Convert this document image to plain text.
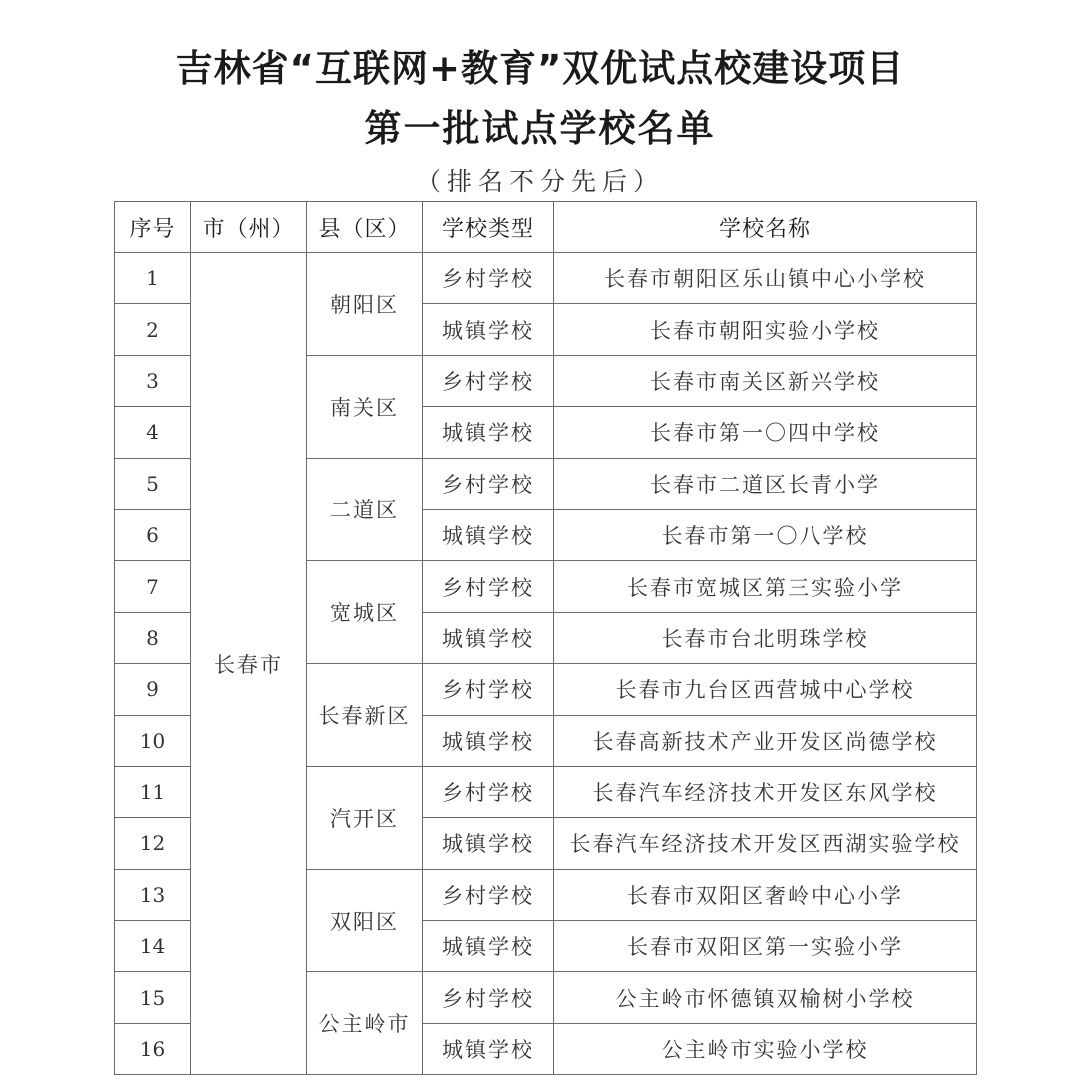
吉林省“互联网+教育”双优试点校建设项目
第一批试点学校名单
（排名不分先后）
序号	市（州）	县（区）	学校类型	学校名称
1	长春市	朝阳区	乡村学校	长春市朝阳区乐山镇中心小学校
2			城镇学校	长春市朝阳实验小学校
3		南关区	乡村学校	长春市南关区新兴学校
4			城镇学校	长春市第一〇四中学校
5		二道区	乡村学校	长春市二道区长青小学
6			城镇学校	长春市第一〇八学校
7		宽城区	乡村学校	长春市宽城区第三实验小学
8			城镇学校	长春市台北明珠学校
9		长春新区	乡村学校	长春市九台区西营城中心学校
10			城镇学校	长春高新技术产业开发区尚德学校
11		汽开区	乡村学校	长春汽车经济技术开发区东风学校
12			城镇学校	长春汽车经济技术开发区西湖实验学校
13		双阳区	乡村学校	长春市双阳区奢岭中心小学
14			城镇学校	长春市双阳区第一实验小学
15		公主岭市	乡村学校	公主岭市怀德镇双榆树小学校
16			城镇学校	公主岭市实验小学校
